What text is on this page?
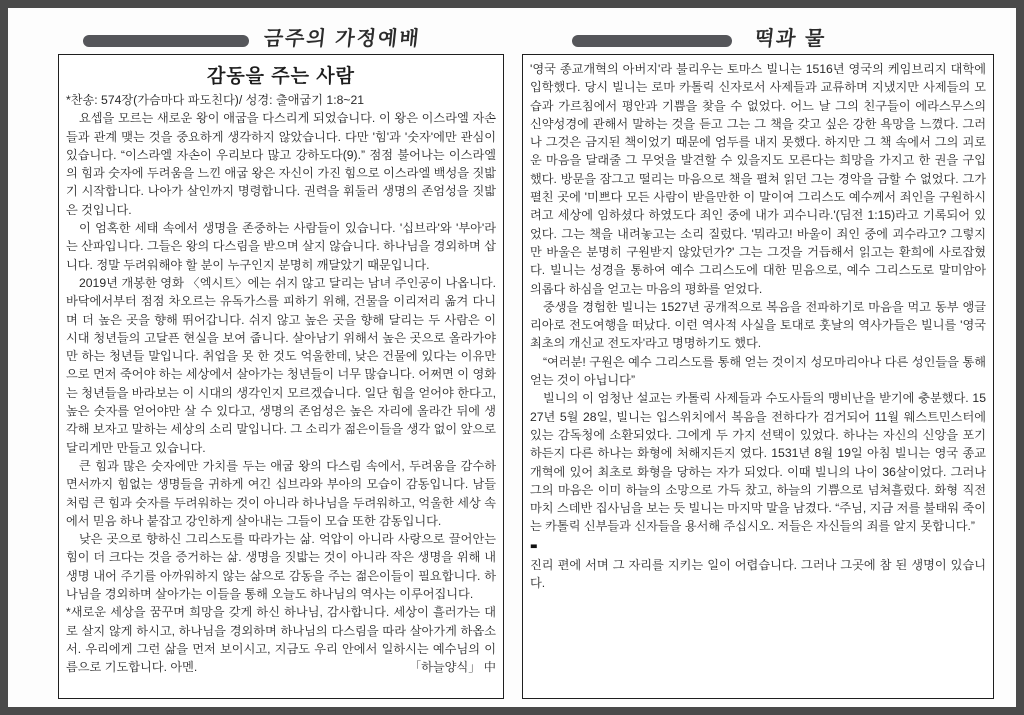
금주의 가정예배	떡과 물
감동을 주는 사람

*찬송: 574장(가슴마다 파도친다)/ 성경: 출애굽기 1:8~21

요셉을 모르는 새로운 왕이 애굽을 다스리게 되었습니다. 이 왕은 이스라엘 자손들과 관계 맺는 것을 중요하게 생각하지 않았습니다. 다만 '힘'과 '숫자'에만 관심이 있습니다. “이스라엘 자손이 우리보다 많고 강하도다(9).” 점점 불어나는 이스라엘의 힘과 숫자에 두려움을 느낀 애굽 왕은 자신이 가진 힘으로 이스라엘 백성을 짓밟기 시작합니다. 나아가 살인까지 명령합니다. 권력을 휘둘러 생명의 존엄성을 짓밟은 것입니다.

이 엄혹한 세태 속에서 생명을 존중하는 사람들이 있습니다. '십브라'와 '부아'라는 산파입니다. 그들은 왕의 다스림을 받으며 살지 않습니다. 하나님을 경외하며 삽니다. 정말 두려워해야 할 분이 누구인지 분명히 깨달았기 때문입니다.

2019년 개봉한 영화 〈엑시트〉에는 쉬지 않고 달리는 남녀 주인공이 나옵니다. 바닥에서부터 점점 차오르는 유독가스를 피하기 위해, 건물을 이리저리 옮겨 다니며 더 높은 곳을 향해 뛰어갑니다. 쉬지 않고 높은 곳을 향해 달리는 두 사람은 이 시대 청년들의 고달픈 현실을 보여 줍니다. 살아남기 위해서 높은 곳으로 올라가야만 하는 청년들 말입니다. 취업을 못 한 것도 억울한데, 낮은 건물에 있다는 이유만으로 먼저 죽어야 하는 세상에서 살아가는 청년들이 너무 많습니다. 어쩌면 이 영화는 청년들을 바라보는 이 시대의 생각인지 모르겠습니다. 일단 힘을 얻어야 한다고, 높은 숫자를 얻어야만 살 수 있다고, 생명의 존엄성은 높은 자리에 올라간 뒤에 생각해 보자고 말하는 세상의 소리 말입니다. 그 소리가 젊은이들을 생각 없이 앞으로 달리게만 만들고 있습니다.

큰 힘과 많은 숫자에만 가치를 두는 애굽 왕의 다스림 속에서, 두려움을 감수하면서까지 힘없는 생명들을 귀하게 여긴 십브라와 부아의 모습이 감동입니다. 남들처럼 큰 힘과 숫자를 두려워하는 것이 아니라 하나님을 두려워하고, 억울한 세상 속에서 믿음 하나 붙잡고 강인하게 살아내는 그들이 모습 또한 감동입니다.

낮은 곳으로 향하신 그리스도를 따라가는 삶. 억압이 아니라 사랑으로 끌어안는 힘이 더 크다는 것을 증거하는 삶. 생명을 짓밟는 것이 아니라 작은 생명을 위해 내 생명 내어 주기를 아까워하지 않는 삶으로 감동을 주는 젊은이들이 필요합니다. 하나님을 경외하며 살아가는 이들을 통해 오늘도 하나님의 역사는 이루어집니다.

*새로운 세상을 꿈꾸며 희망을 갖게 하신 하나님, 감사합니다. 세상이 흘러가는 대로 살지 않게 하시고, 하나님을 경외하며 하나님의 다스림을 따라 살아가게 하옵소서. 우리에게 그런 삶을 먼저 보이시고, 지금도 우리 안에서 일하시는 예수님의 이름으로 기도합니다. 아멘.	「하늘양식」 中

'영국 종교개혁의 아버지'라 불리우는 토마스 빌니는 1516년 영국의 케임브리지 대학에 입학했다. 당시 빌니는 로마 카톨릭 신자로서 사제들과 교류하며 지냈지만 사제들의 모습과 가르침에서 평안과 기쁨을 찾을 수 없었다. 어느 날 그의 친구들이 에라스무스의 신약성경에 관해서 말하는 것을 듣고 그는 그 책을 갖고 싶은 강한 욕망을 느꼈다. 그러나 그것은 금지된 책이었기 때문에 엄두를 내지 못했다. 하지만 그 책 속에서 그의 괴로운 마음을 달래줄 그 무엇을 발견할 수 있을지도 모른다는 희망을 가지고 한 권을 구입했다. 방문을 잠그고 떨리는 마음으로 책을 펼쳐 읽던 그는 경악을 금할 수 없었다. 그가 펼친 곳에 '미쁘다 모든 사람이 받을만한 이 말이여 그리스도 예수께서 죄인을 구원하시려고 세상에 임하셨다 하였도다 죄인 중에 내가 괴수니라.'(딤전 1:15)라고 기록되어 있었다. 그는 책을 내려놓고는 소리 질렀다. '뭐라고! 바울이 죄인 중에 괴수라고? 그렇지만 바울은 분명히 구원받지 않았던가?' 그는 그것을 거듭해서 읽고는 환희에 사로잡혔다. 빌니는 성경을 통하여 예수 그리스도에 대한 믿음으로, 예수 그리스도로 말미암아 의롭다 하심을 얻고는 마음의 평화를 얻었다.

중생을 경험한 빌니는 1527년 공개적으로 복음을 전파하기로 마음을 먹고 동부 앵글리아로 전도여행을 떠났다. 이런 역사적 사실을 토대로 훗날의 역사가들은 빌니를 '영국 최초의 개신교 전도자'라고 명명하기도 했다.

“여러분! 구원은 예수 그리스도를 통해 얻는 것이지 성모마리아나 다른 성인들을 통해 얻는 것이 아닙니다”

빌니의 이 엄청난 설교는 카톨릭 사제들과 수도사들의 맹비난을 받기에 충분했다. 1527년 5월 28일, 빌니는 입스위치에서 복음을 전하다가 검거되어 11월 웨스트민스터에 있는 감독청에 소환되었다. 그에게 두 가지 선택이 있었다. 하나는 자신의 신앙을 포기하든지 다른 하나는 화형에 처해지든지 였다. 1531년 8월 19일 아침 빌니는 영국 종교개혁에 있어 최초로 화형을 당하는 자가 되었다. 이때 빌니의 나이 36살이었다. 그러나 그의 마음은 이미 하늘의 소망으로 가득 찼고, 하늘의 기쁨으로 넘쳐흘렀다. 화형 직전 마치 스데반 집사님을 보는 듯 빌니는 마지막 말을 남겼다. “주님, 지금 저를 불태워 죽이는 카톨릭 신부들과 신자들을 용서해 주십시오. 저들은 자신들의 죄를 알지 못합니다.”

■

진리 편에 서며 그 자리를 지키는 일이 어렵습니다. 그러나 그곳에 참 된 생명이 있습니다.
